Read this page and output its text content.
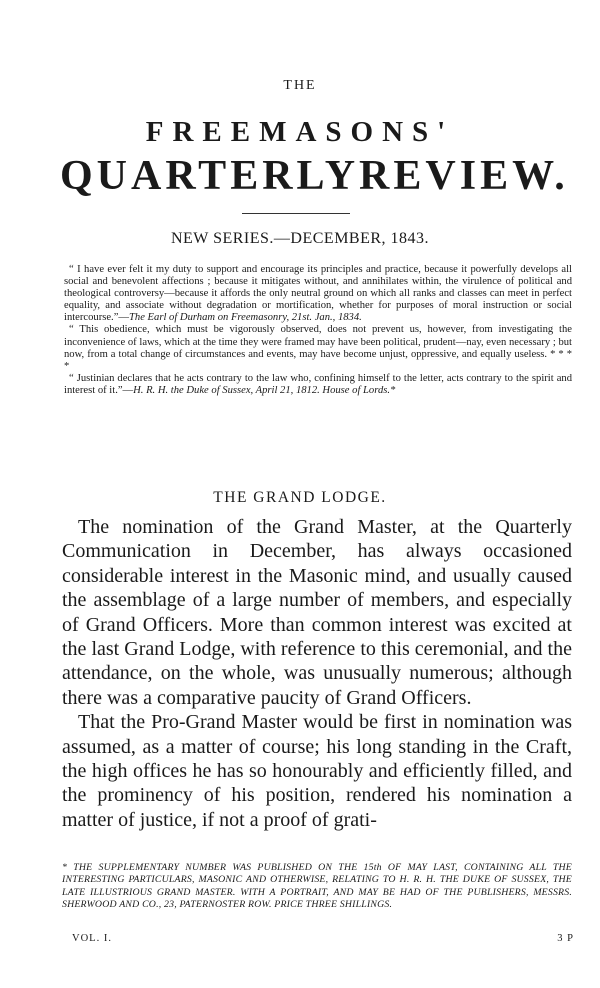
THE
FREEMASONS'
QUARTERLY REVIEW.
NEW SERIES.—DECEMBER, 1843.

“ I have ever felt it my duty to support and encourage its principles and practice, because it powerfully develops all social and benevolent affections ; because it mitigates without, and annihilates within, the virulence of political and theological controversy—because it affords the only neutral ground on which all ranks and classes can meet in perfect equality, and associate without degradation or mortification, whether for purposes of moral instruction or social intercourse.”—The Earl of Durham on Freemasonry, 21st. Jan., 1834.

“ This obedience, which must be vigorously observed, does not prevent us, however, from investigating the inconvenience of laws, which at the time they were framed may have been political, prudent—nay, even necessary ; but now, from a total change of circumstances and events, may have become unjust, oppressive, and equally useless. * * * *

“ Justinian declares that he acts contrary to the law who, confining himself to the letter, acts contrary to the spirit and interest of it.”—H. R. H. the Duke of Sussex, April 21, 1812. House of Lords.*

THE GRAND LODGE.

The nomination of the Grand Master, at the Quarterly Communication in December, has always occasioned considerable interest in the Masonic mind, and usually caused the assemblage of a large number of members, and especially of Grand Officers. More than common interest was excited at the last Grand Lodge, with reference to this ceremonial, and the attendance, on the whole, was unusually numerous; although there was a comparative paucity of Grand Officers.

That the Pro-Grand Master would be first in nomination was assumed, as a matter of course; his long standing in the Craft, the high offices he has so honourably and efficiently filled, and the prominency of his position, rendered his nomination a matter of justice, if not a proof of grati-

* THE SUPPLEMENTARY NUMBER WAS PUBLISHED ON THE 15th OF MAY LAST, CONTAINING ALL THE INTERESTING PARTICULARS, MASONIC AND OTHERWISE, RELATING TO H. R. H. THE DUKE OF SUSSEX, THE LATE ILLUSTRIOUS GRAND MASTER. WITH A PORTRAIT, AND MAY BE HAD OF THE PUBLISHERS, MESSRS. SHERWOOD AND CO., 23, PATERNOSTER ROW. PRICE THREE SHILLINGS.
VOL. I.	3 P
